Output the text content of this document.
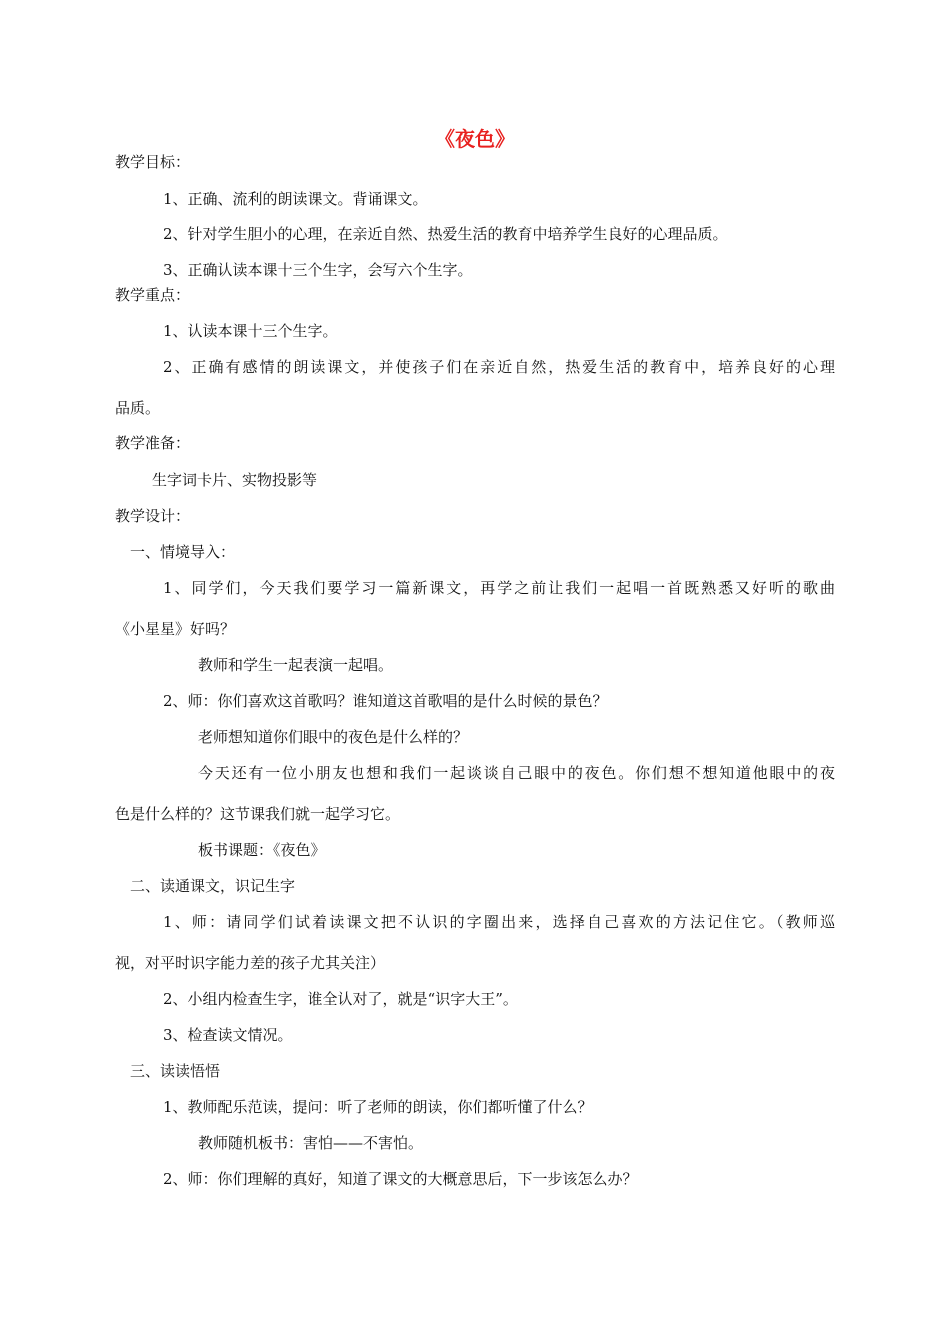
《夜色》
教学目标：
1、正确、流利的朗读课文。背诵课文。
2、针对学生胆小的心理，在亲近自然、热爱生活的教育中培养学生良好的心理品质。
3、正确认读本课十三个生字，会写六个生字。
教学重点：
1、认读本课十三个生字。
2、正确有感情的朗读课文，并使孩子们在亲近自然，热爱生活的教育中，培养良好的心理
品质。
教学准备：
生字词卡片、实物投影等
教学设计：
一、情境导入：
1、同学们，今天我们要学习一篇新课文，再学之前让我们一起唱一首既熟悉又好听的歌曲
《小星星》好吗？
教师和学生一起表演一起唱。
2、师：你们喜欢这首歌吗？谁知道这首歌唱的是什么时候的景色？
老师想知道你们眼中的夜色是什么样的？
今天还有一位小朋友也想和我们一起谈谈自己眼中的夜色。你们想不想知道他眼中的夜
色是什么样的？这节课我们就一起学习它。
板书课题：《夜色》
二、读通课文，识记生字
1、师：请同学们试着读课文把不认识的字圈出来，选择自己喜欢的方法记住它。（教师巡
视，对平时识字能力差的孩子尤其关注）
2、小组内检查生字，谁全认对了，就是“识字大王”。
3、检查读文情况。
三、读读悟悟
1、教师配乐范读，提问：听了老师的朗读，你们都听懂了什么？
教师随机板书：害怕——不害怕。
2、师：你们理解的真好，知道了课文的大概意思后，下一步该怎么办？
